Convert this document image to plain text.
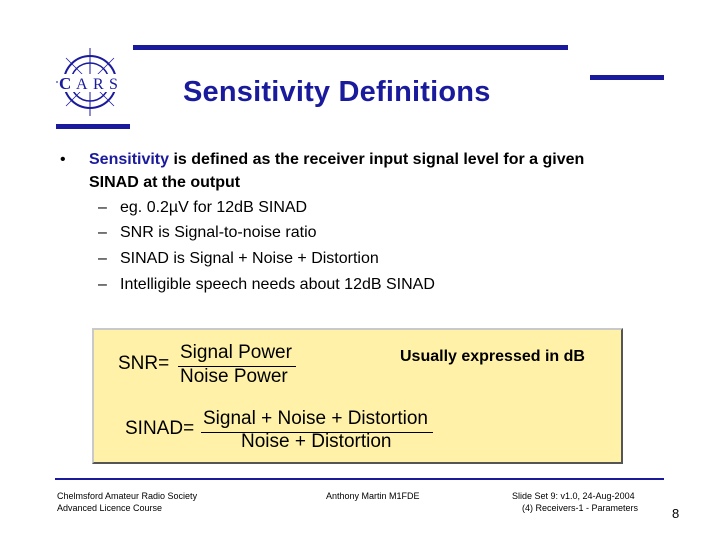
C A R S Sensitivity Definitions
• Sensitivity is defined as the receiver input signal level for a given
SINAD at the output
– eg. 0.2µV for 12dB SINAD
– SNR is Signal-to-noise ratio
– SINAD is Signal + Noise + Distortion
– Intelligible speech needs about 12dB SINAD
SNR=
Signal Power
Noise Power
Usually expressed in dB
SINAD= Signal + Noise + Distortion
Noise + Distortion
Chelmsford Amateur Radio Society
Advanced Licence Course
Anthony Martin M1FDE	Slide Set 9: v1.0, 24-Aug-2004
(4) Receivers-1 - Parameters	8
